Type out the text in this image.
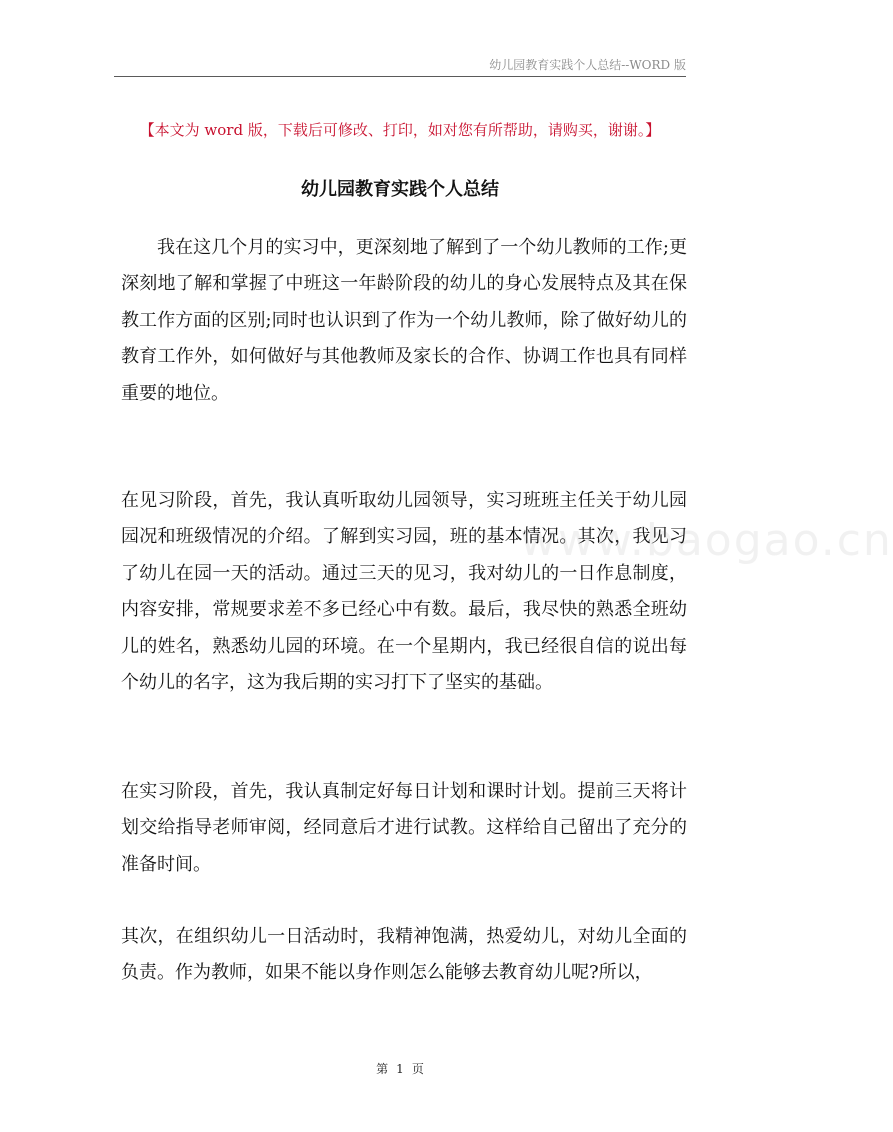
幼儿园教育实践个人总结--WORD 版
【本文为 word 版，下载后可修改、打印，如对您有所帮助，请购买，谢谢。】
幼儿园教育实践个人总结

我在这几个月的实习中，更深刻地了解到了一个幼儿教师的工作;更深刻地了解和掌握了中班这一年龄阶段的幼儿的身心发展特点及其在保教工作方面的区别;同时也认识到了作为一个幼儿教师，除了做好幼儿的教育工作外，如何做好与其他教师及家长的合作、协调工作也具有同样重要的地位。

在见习阶段，首先，我认真听取幼儿园领导，实习班班主任关于幼儿园园况和班级情况的介绍。了解到实习园，班的基本情况。其次，我见习了幼儿在园一天的活动。通过三天的见习，我对幼儿的一日作息制度，内容安排，常规要求差不多已经心中有数。最后，我尽快的熟悉全班幼儿的姓名，熟悉幼儿园的环境。在一个星期内，我已经很自信的说出每个幼儿的名字，这为我后期的实习打下了坚实的基础。

在实习阶段，首先，我认真制定好每日计划和课时计划。提前三天将计划交给指导老师审阅，经同意后才进行试教。这样给自己留出了充分的准备时间。

其次，在组织幼儿一日活动时，我精神饱满，热爱幼儿，对幼儿全面的负责。作为教师，如果不能以身作则怎么能够去教育幼儿呢?所以，

www.baogao.cn
第 1 页
